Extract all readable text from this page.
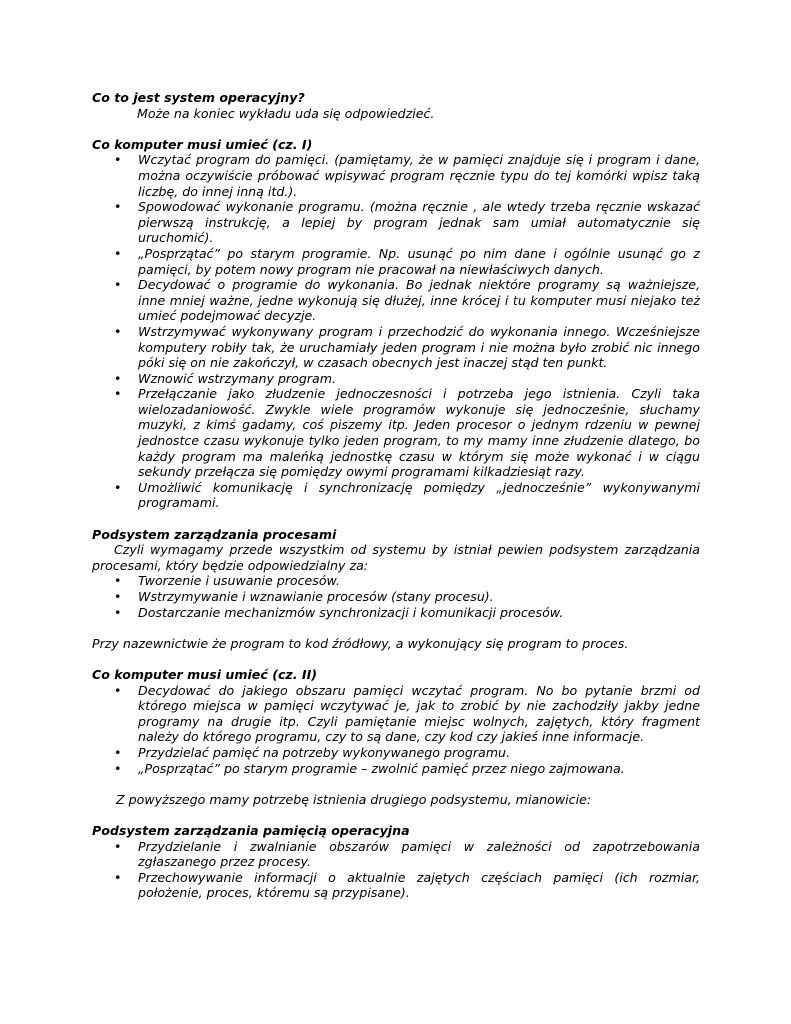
Co to jest system operacyjny?

Może na koniec wykładu uda się odpowiedzieć.

Co komputer musi umieć (cz. I)

• Wczytać program do pamięci. (pamiętamy, że w pamięci znajduje się i program i dane, można oczywiście próbować wpisywać program ręcznie typu do tej komórki wpisz taką liczbę, do innej inną itd.).
• Spowodować wykonanie programu. (można ręcznie , ale wtedy trzeba ręcznie wskazać pierwszą instrukcję, a lepiej by program jednak sam umiał automatycznie się uruchomić).
• „Posprzątać” po starym programie. Np. usunąć po nim dane i ogólnie usunąć go z pamięci, by potem nowy program nie pracował na niewłaściwych danych.
• Decydować o programie do wykonania. Bo jednak niektóre programy są ważniejsze, inne mniej ważne, jedne wykonują się dłużej, inne krócej i tu komputer musi niejako też umieć podejmować decyzje.
• Wstrzymywać wykonywany program i przechodzić do wykonania innego. Wcześniejsze komputery robiły tak, że uruchamiały jeden program i nie można było zrobić nic innego póki się on nie zakończył, w czasach obecnych jest inaczej stąd ten punkt.
• Wznowić wstrzymany program.
• Przełączanie jako złudzenie jednoczesności i potrzeba jego istnienia. Czyli taka wielozadaniowość. Zwykle wiele programów wykonuje się jednocześnie, słuchamy muzyki, z kimś gadamy, coś piszemy itp. Jeden procesor o jednym rdzeniu w pewnej jednostce czasu wykonuje tylko jeden program, to my mamy inne złudzenie dlatego, bo każdy program ma maleńką jednostkę czasu w którym się może wykonać i w ciągu sekundy przełącza się pomiędzy owymi programami kilkadziesiąt razy.
• Umożliwić komunikację i synchronizację pomiędzy „jednocześnie” wykonywanymi programami.

Podsystem zarządzania procesami

Czyli wymagamy przede wszystkim od systemu by istniał pewien podsystem zarządzania procesami, który będzie odpowiedzialny za:

• Tworzenie i usuwanie procesów.
• Wstrzymywanie i wznawianie procesów (stany procesu).
• Dostarczanie mechanizmów synchronizacji i komunikacji procesów.

Przy nazewnictwie że program to kod źródłowy, a wykonujący się program to proces.

Co komputer musi umieć (cz. II)

• Decydować do jakiego obszaru pamięci wczytać program. No bo pytanie brzmi od którego miejsca w pamięci wczytywać je, jak to zrobić by nie zachodziły jakby jedne programy na drugie itp. Czyli pamiętanie miejsc wolnych, zajętych, który fragment należy do którego programu, czy to są dane, czy kod czy jakieś inne informacje.
• Przydzielać pamięć na potrzeby wykonywanego programu.
• „Posprzątać” po starym programie – zwolnić pamięć przez niego zajmowana.

Z powyższego mamy potrzebę istnienia drugiego podsystemu, mianowicie:

Podsystem zarządzania pamięcią operacyjna

• Przydzielanie i zwalnianie obszarów pamięci w zależności od zapotrzebowania zgłaszanego przez procesy.
• Przechowywanie informacji o aktualnie zajętych częściach pamięci (ich rozmiar, położenie, proces, któremu są przypisane).
